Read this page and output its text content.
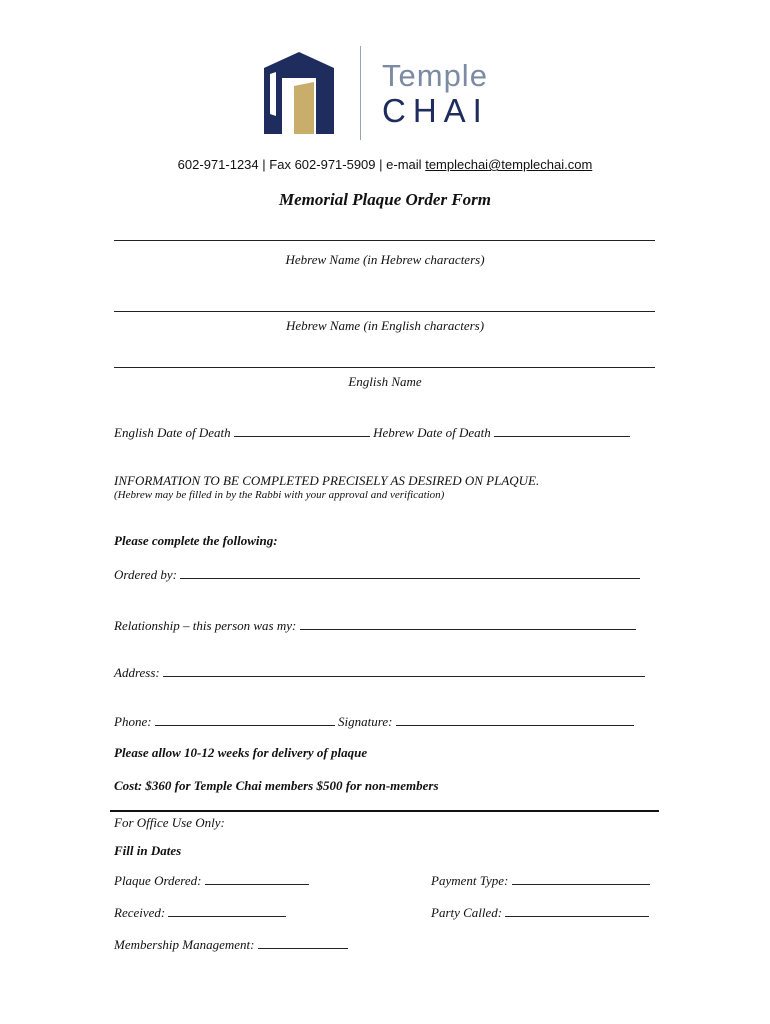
Temple
CHAI
602-971-1234 | Fax 602-971-5909 | e-mail templechai@templechai.com
Memorial Plaque Order Form
Hebrew Name (in Hebrew characters)
Hebrew Name (in English characters)
English Name
English Date of Death	Hebrew Date of Death
INFORMATION TO BE COMPLETED PRECISELY AS DESIRED ON PLAQUE.
(Hebrew may be filled in by the Rabbi with your approval and verification)
Please complete the following:
Ordered by:
Relationship – this person was my:
Address:
Phone:	Signature:
Please allow 10-12 weeks for delivery of plaque
Cost: $360 for Temple Chai members $500 for non-members
For Office Use Only:
Fill in Dates
Plaque Ordered:	Payment Type:
Received:	Party Called:
Membership Management:
